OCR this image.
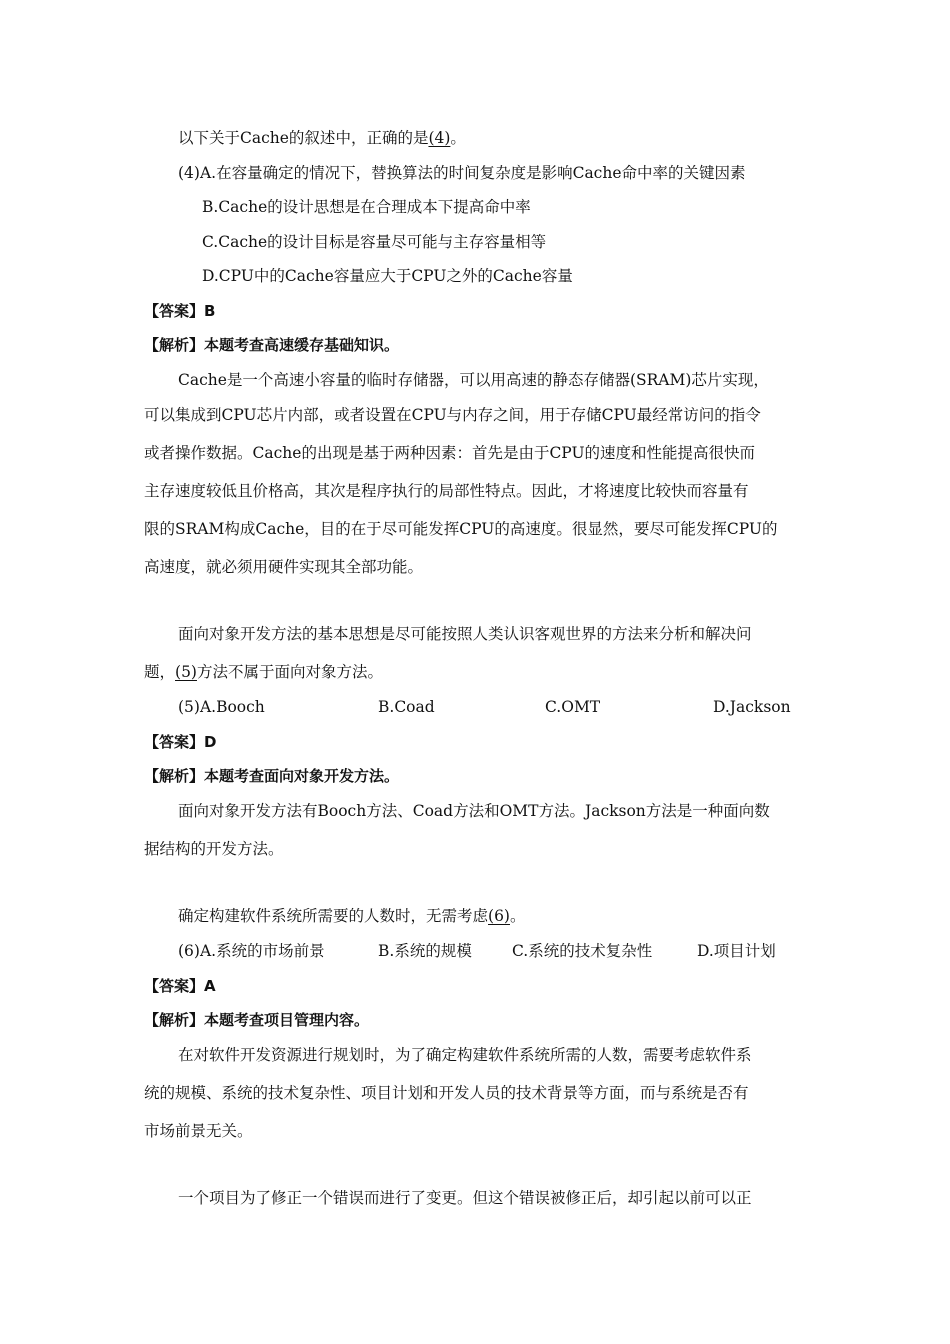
以下关于Cache的叙述中，正确的是(4)。
(4)A.在容量确定的情况下，替换算法的时间复杂度是影响Cache命中率的关键因素
B.Cache的设计思想是在合理成本下提高命中率
C.Cache的设计目标是容量尽可能与主存容量相等
D.CPU中的Cache容量应大于CPU之外的Cache容量
【答案】B
【解析】本题考查高速缓存基础知识。
Cache是一个高速小容量的临时存储器，可以用高速的静态存储器(SRAM)芯片实现，
可以集成到CPU芯片内部，或者设置在CPU与内存之间，用于存储CPU最经常访问的指令
或者操作数据。Cache的出现是基于两种因素：首先是由于CPU的速度和性能提高很快而
主存速度较低且价格高，其次是程序执行的局部性特点。因此，才将速度比较快而容量有
限的SRAM构成Cache，目的在于尽可能发挥CPU的高速度。很显然，要尽可能发挥CPU的
高速度，就必须用硬件实现其全部功能。
面向对象开发方法的基本思想是尽可能按照人类认识客观世界的方法来分析和解决问
题，(5)方法不属于面向对象方法。
(5)A.Booch	B.Coad	C.OMT	D.Jackson
【答案】D
【解析】本题考查面向对象开发方法。
面向对象开发方法有Booch方法、Coad方法和OMT方法。Jackson方法是一种面向数
据结构的开发方法。
确定构建软件系统所需要的人数时，无需考虑(6)。
(6)A.系统的市场前景	B.系统的规模	C.系统的技术复杂性	D.项目计划
【答案】A
【解析】本题考查项目管理内容。
在对软件开发资源进行规划时，为了确定构建软件系统所需的人数，需要考虑软件系
统的规模、系统的技术复杂性、项目计划和开发人员的技术背景等方面，而与系统是否有
市场前景无关。
一个项目为了修正一个错误而进行了变更。但这个错误被修正后，却引起以前可以正
